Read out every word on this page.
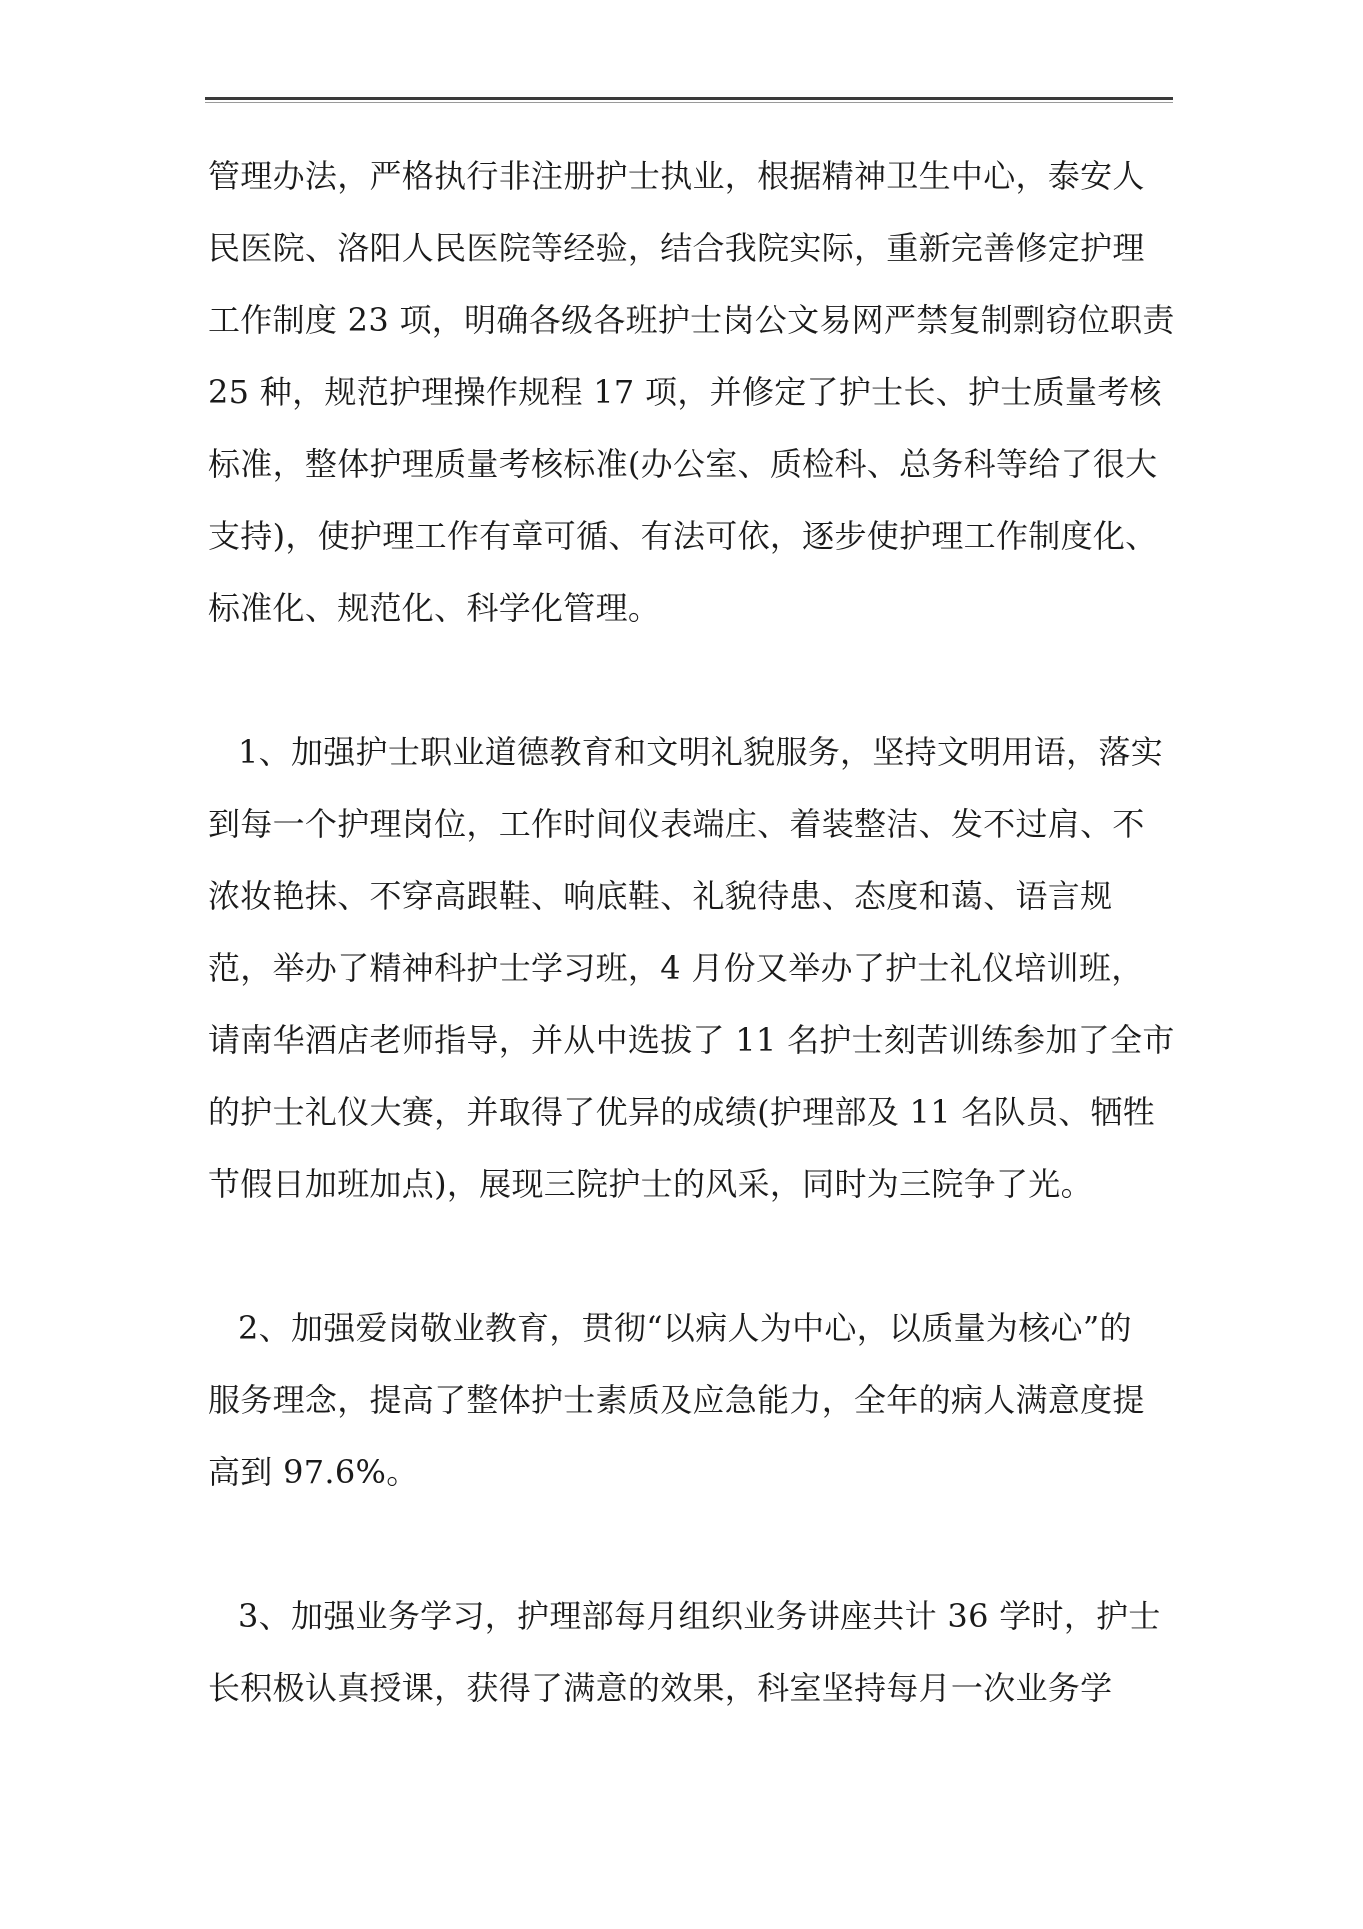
管理办法，严格执行非注册护士执业，根据精神卫生中心，泰安人
民医院、洛阳人民医院等经验，结合我院实际，重新完善修定护理
工作制度 23 项，明确各级各班护士岗公文易网严禁复制剽窃位职责
25 种，规范护理操作规程 17 项，并修定了护士长、护士质量考核
标准，整体护理质量考核标准(办公室、质检科、总务科等给了很大
支持)，使护理工作有章可循、有法可依，逐步使护理工作制度化、
标准化、规范化、科学化管理。

1、加强护士职业道德教育和文明礼貌服务，坚持文明用语，落实
到每一个护理岗位，工作时间仪表端庄、着装整洁、发不过肩、不
浓妆艳抹、不穿高跟鞋、响底鞋、礼貌待患、态度和蔼、语言规
范，举办了精神科护士学习班，4 月份又举办了护士礼仪培训班，
请南华酒店老师指导，并从中选拔了 11 名护士刻苦训练参加了全市
的护士礼仪大赛，并取得了优异的成绩(护理部及 11 名队员、牺牲
节假日加班加点)，展现三院护士的风采，同时为三院争了光。

2、加强爱岗敬业教育，贯彻“以病人为中心，以质量为核心”的
服务理念，提高了整体护士素质及应急能力，全年的病人满意度提
高到 97.6%。

3、加强业务学习，护理部每月组织业务讲座共计 36 学时，护士
长积极认真授课，获得了满意的效果，科室坚持每月一次业务学
